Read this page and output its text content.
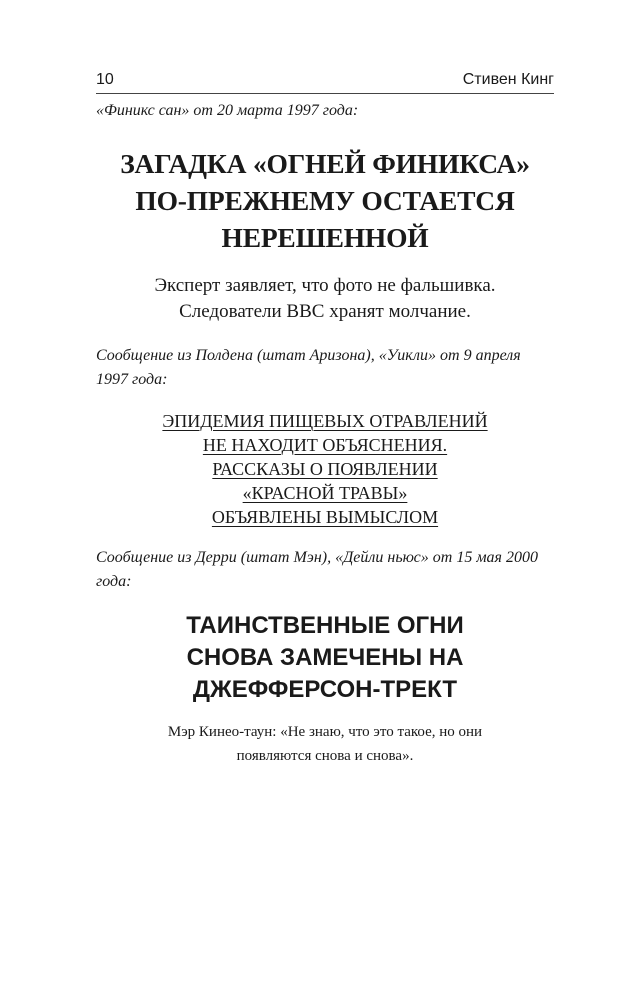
10	Стивен Кинг
«Финикс сан» от 20 марта 1997 года:
ЗАГАДКА «ОГНЕЙ ФИНИКСА»
ПО-ПРЕЖНЕМУ ОСТАЕТСЯ
НЕРЕШЕННОЙ
Эксперт заявляет, что фото не фальшивка.
Следователи ВВС хранят молчание.
Сообщение из Полдена (штат Аризона), «Уикли» от 9 апреля 1997 года:
ЭПИДЕМИЯ ПИЩЕВЫХ ОТРАВЛЕНИЙ
НЕ НАХОДИТ ОБЪЯСНЕНИЯ.
РАССКАЗЫ О ПОЯВЛЕНИИ
«КРАСНОЙ ТРАВЫ»
ОБЪЯВЛЕНЫ ВЫМЫСЛОМ
Сообщение из Дерри (штат Мэн), «Дейли ньюс» от 15 мая 2000 года:
ТАИНСТВЕННЫЕ ОГНИ
СНОВА ЗАМЕЧЕНЫ НА
ДЖЕФФЕРСОН-ТРЕКТ
Мэр Кинео-таун: «Не знаю, что это такое, но они
появляются снова и снова».
